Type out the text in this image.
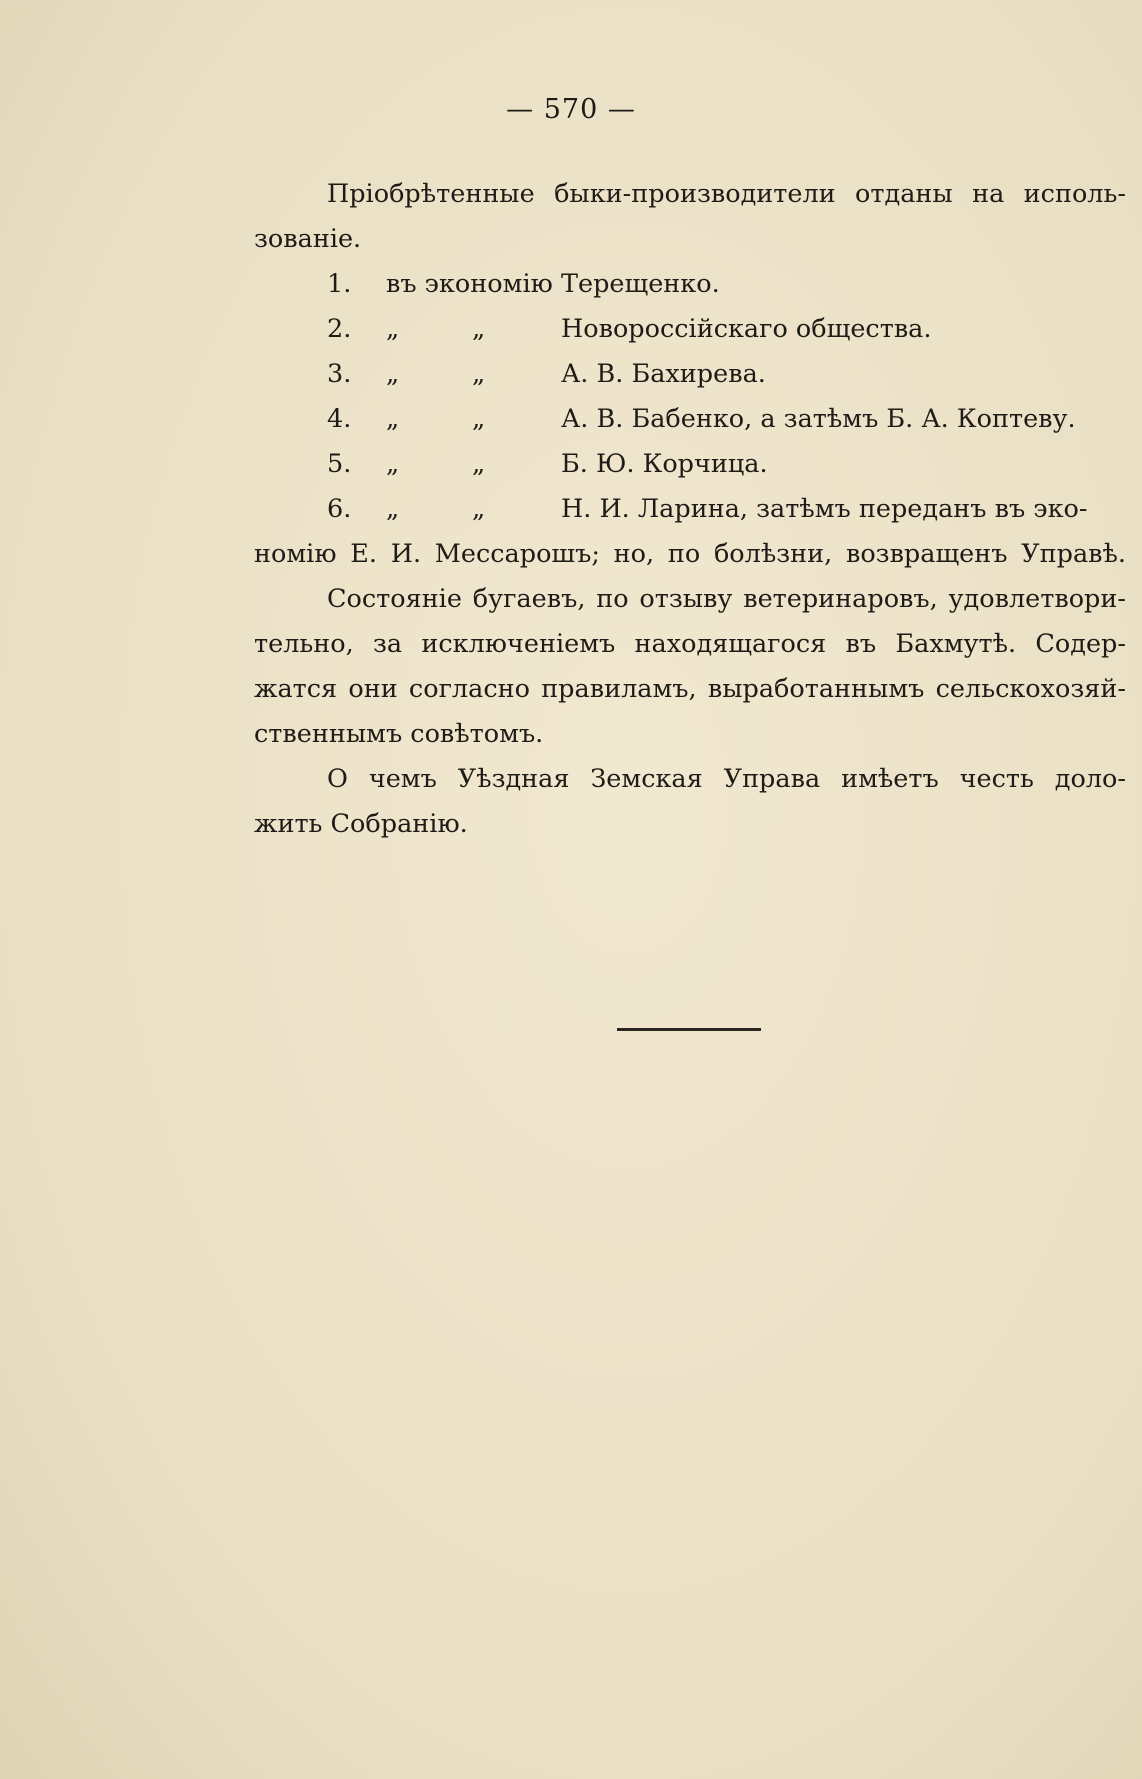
— 570 —
Пріобрѣтенные быки-производители отданы на исполь-
зованіе.
1. въ экономію Терещенко.
2. „	„	Новороссійскаго общества.
3. „	„	А. В. Бахирева.
4. „	„	А. В. Бабенко, а затѣмъ Б. А. Коптеву.
5. „	„	Б. Ю. Корчица.
6. „	„	Н. И. Ларина, затѣмъ переданъ въ эко-
номію Е. И. Мессарошъ; но, по болѣзни, возвращенъ Управѣ.
Состояніе бугаевъ, по отзыву ветеринаровъ, удовлетвори-
тельно, за исключеніемъ находящагося въ Бахмутѣ. Содер-
жатся они согласно правиламъ, выработаннымъ сельскохозяй-
ственнымъ совѣтомъ.
О чемъ Уѣздная Земская Управа имѣетъ честь доло-
жить Собранію.
